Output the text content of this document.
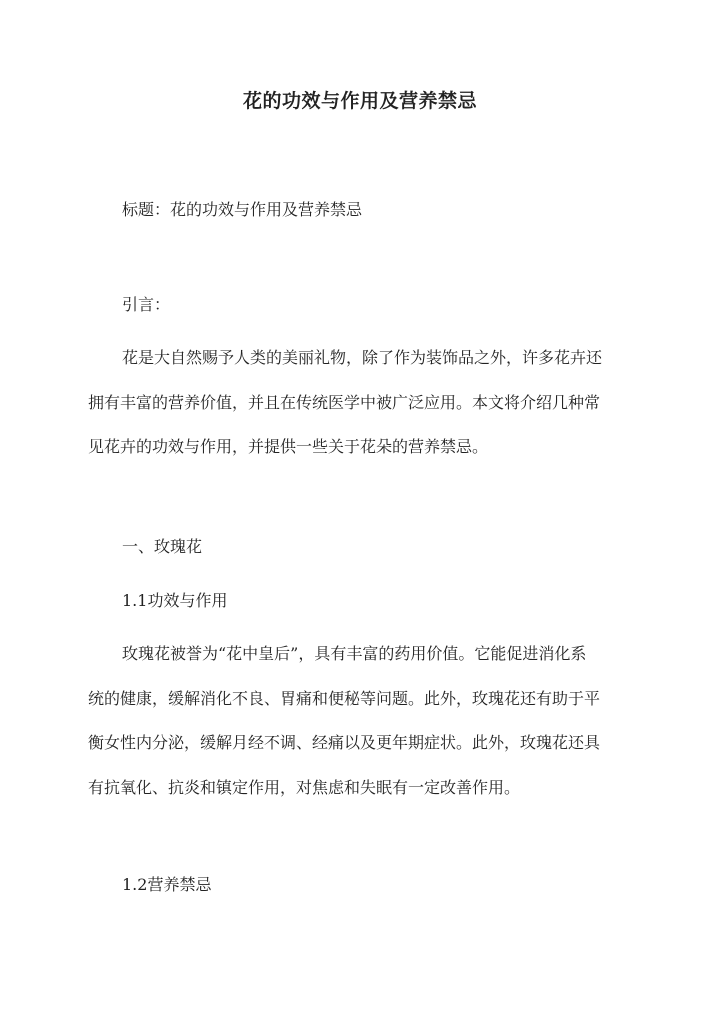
花的功效与作用及营养禁忌

标题：花的功效与作用及营养禁忌

引言：

花是大自然赐予人类的美丽礼物，除了作为装饰品之外，许多花卉还
拥有丰富的营养价值，并且在传统医学中被广泛应用。本文将介绍几种常
见花卉的功效与作用，并提供一些关于花朵的营养禁忌。

一、玫瑰花

1.1功效与作用

玫瑰花被誉为“花中皇后”，具有丰富的药用价值。它能促进消化系
统的健康，缓解消化不良、胃痛和便秘等问题。此外，玫瑰花还有助于平
衡女性内分泌，缓解月经不调、经痛以及更年期症状。此外，玫瑰花还具
有抗氧化、抗炎和镇定作用，对焦虑和失眠有一定改善作用。

1.2营养禁忌
